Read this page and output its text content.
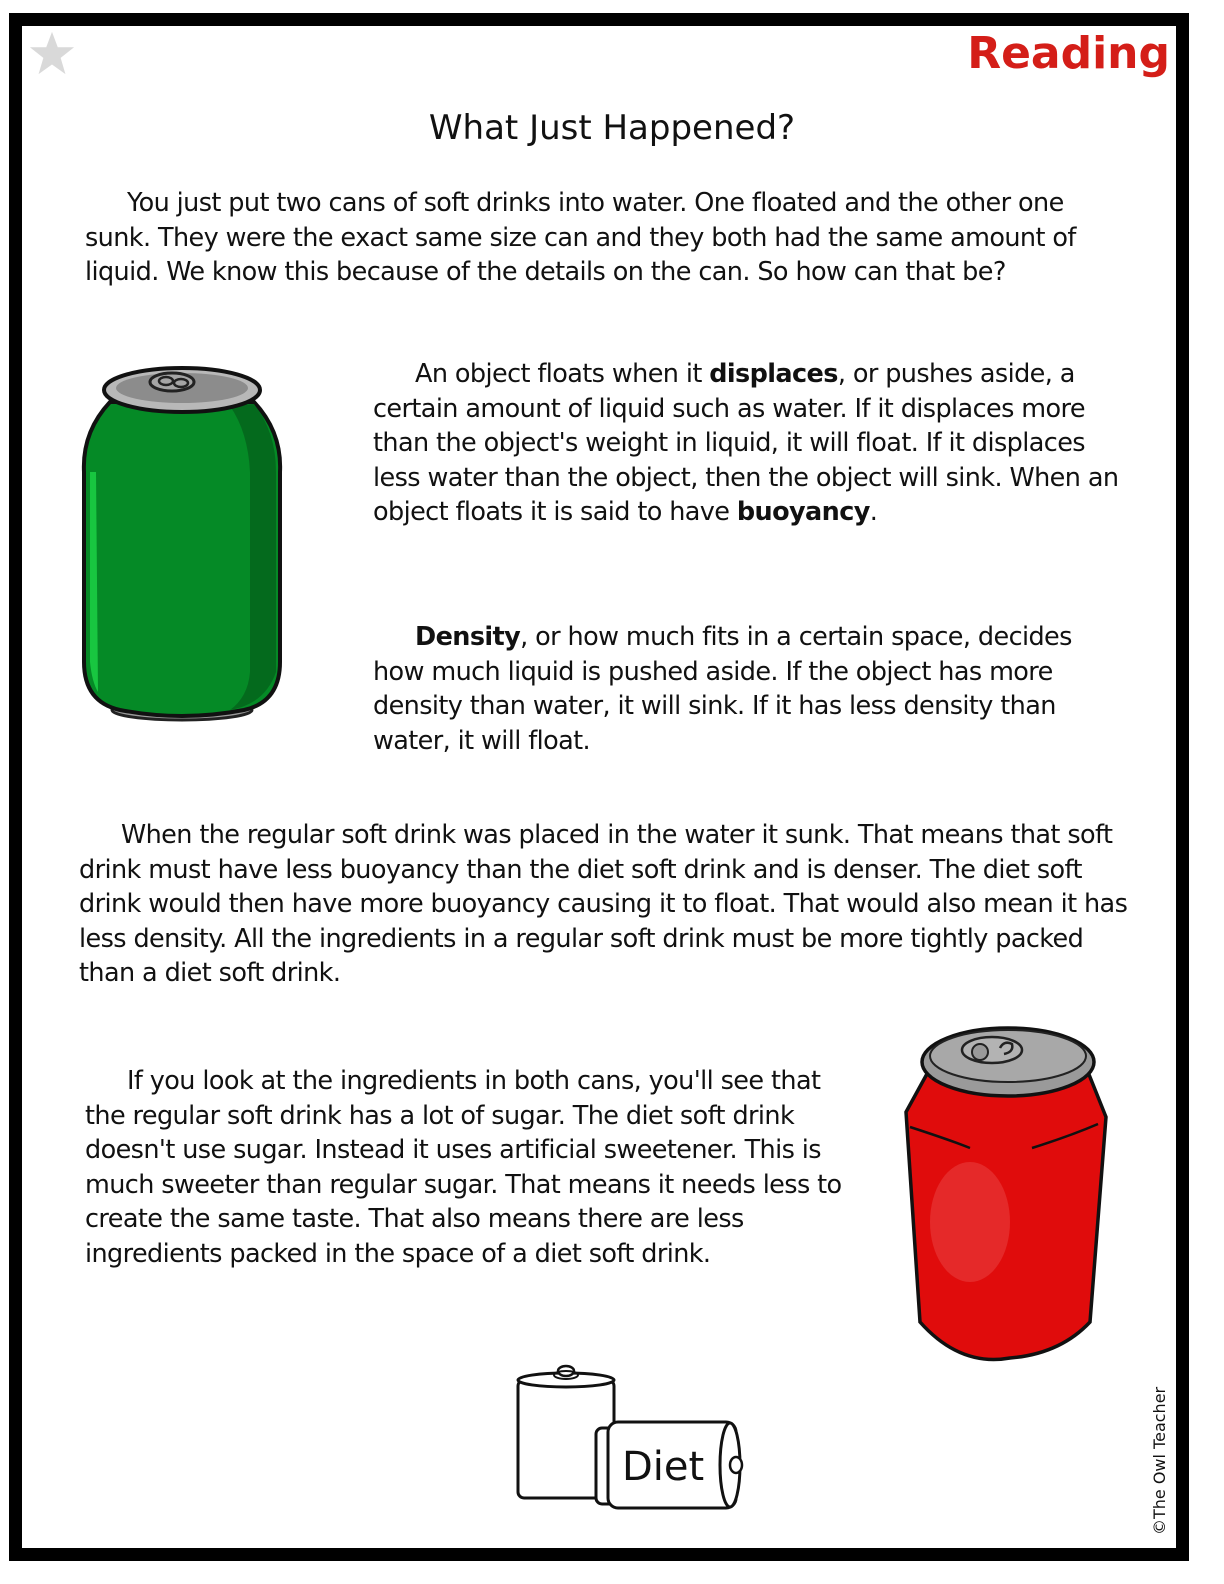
Reading
What Just Happened?

You just put two cans of soft drinks into water. One floated and the other one sunk. They were the exact same size can and they both had the same amount of liquid. We know this because of the details on the can. So how can that be?

An object floats when it displaces, or pushes aside, a certain amount of liquid such as water. If it displaces more than the object's weight in liquid, it will float. If it displaces less water than the object, then the object will sink. When an object floats it is said to have buoyancy.

Density, or how much fits in a certain space, decides how much liquid is pushed aside. If the object has more density than water, it will sink. If it has less density than water, it will float.

When the regular soft drink was placed in the water it sunk. That means that soft drink must have less buoyancy than the diet soft drink and is denser. The diet soft drink would then have more buoyancy causing it to float. That would also mean it has less density. All the ingredients in a regular soft drink must be more tightly packed than a diet soft drink.

If you look at the ingredients in both cans, you'll see that the regular soft drink has a lot of sugar. The diet soft drink doesn't use sugar. Instead it uses artificial sweetener. This is much sweeter than regular sugar. That means it needs less to create the same taste. That also means there are less ingredients packed in the space of a diet soft drink.

Diet	©The Owl Teacher
